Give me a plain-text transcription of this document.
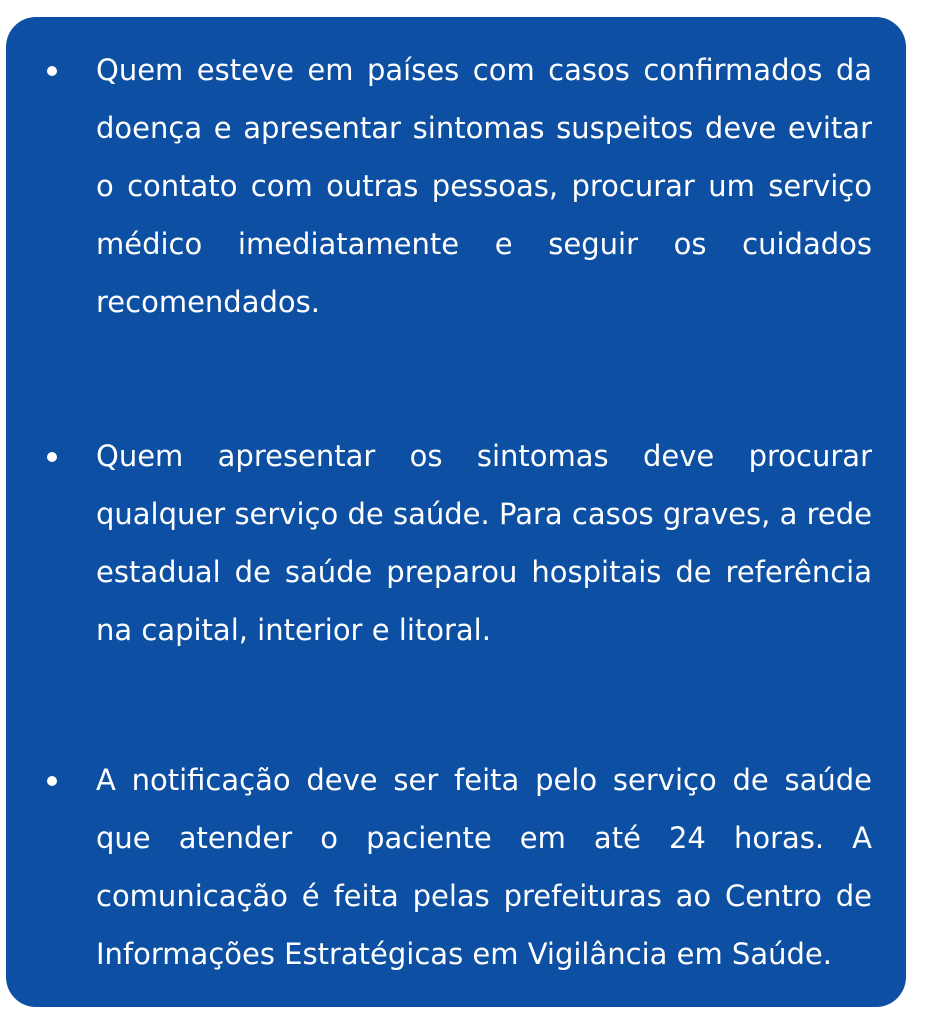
Quem esteve em países com casos confirmados da doença e apresentar sintomas suspeitos deve evitar o contato com outras pessoas, procurar um serviço médico imediatamente e seguir os cuidados recomendados.

Quem apresentar os sintomas deve procurar qualquer serviço de saúde. Para casos graves, a rede estadual de saúde preparou hospitais de referência na capital, interior e litoral.

A notificação deve ser feita pelo serviço de saúde que atender o paciente em até 24 horas. A comunicação é feita pelas prefeituras ao Centro de Informações Estratégicas em Vigilância em Saúde.
